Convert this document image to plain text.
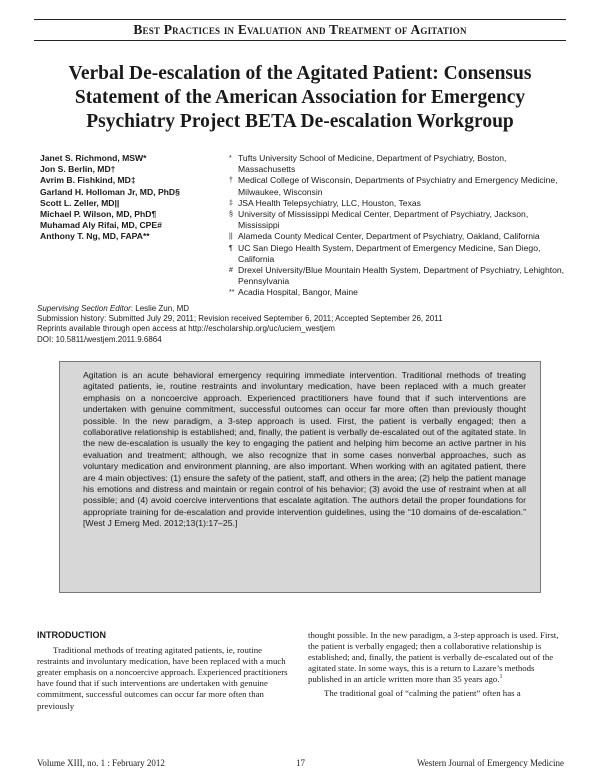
Best Practices in Evaluation and Treatment of Agitation
Verbal De-escalation of the Agitated Patient: Consensus Statement of the American Association for Emergency Psychiatry Project BETA De-escalation Workgroup
Janet S. Richmond, MSW*
Jon S. Berlin, MD†
Avrim B. Fishkind, MD‡
Garland H. Holloman Jr, MD, PhD§
Scott L. Zeller, MD||
Michael P. Wilson, MD, PhD¶
Muhamad Aly Rifai, MD, CPE#
Anthony T. Ng, MD, FAPA**
* Tufts University School of Medicine, Department of Psychiatry, Boston, Massachusetts
† Medical College of Wisconsin, Departments of Psychiatry and Emergency Medicine, Milwaukee, Wisconsin
‡ JSA Health Telepsychiatry, LLC, Houston, Texas
§ University of Mississippi Medical Center, Department of Psychiatry, Jackson, Mississippi
|| Alameda County Medical Center, Department of Psychiatry, Oakland, California
¶ UC San Diego Health System, Department of Emergency Medicine, San Diego, California
# Drexel University/Blue Mountain Health System, Department of Psychiatry, Lehighton, Pennsylvania
** Acadia Hospital, Bangor, Maine
Supervising Section Editor: Leslie Zun, MD
Submission history: Submitted July 29, 2011; Revision received September 6, 2011; Accepted September 26, 2011
Reprints available through open access at http://escholarship.org/uc/uciem_westjem
DOI: 10.5811/westjem.2011.9.6864
Agitation is an acute behavioral emergency requiring immediate intervention. Traditional methods of treating agitated patients, ie, routine restraints and involuntary medication, have been replaced with a much greater emphasis on a noncoercive approach. Experienced practitioners have found that if such interventions are undertaken with genuine commitment, successful outcomes can occur far more often than previously thought possible. In the new paradigm, a 3-step approach is used. First, the patient is verbally engaged; then a collaborative relationship is established; and, finally, the patient is verbally de-escalated out of the agitated state. In the new de-escalation is usually the key to engaging the patient and helping him become an active partner in his evaluation and treatment; although, we also recognize that in some cases nonverbal approaches, such as voluntary medication and environment planning, are also important. When working with an agitated patient, there are 4 main objectives: (1) ensure the safety of the patient, staff, and others in the area; (2) help the patient manage his emotions and distress and maintain or regain control of his behavior; (3) avoid the use of restraint when at all possible; and (4) avoid coercive interventions that escalate agitation. The authors detail the proper foundations for appropriate training for de-escalation and provide intervention guidelines, using the “10 domains of de-escalation.” [West J Emerg Med. 2012;13(1):17–25.]
INTRODUCTION
Traditional methods of treating agitated patients, ie, routine restraints and involuntary medication, have been replaced with a much greater emphasis on a noncoercive approach. Experienced practitioners have found that if such interventions are undertaken with genuine commitment, successful outcomes can occur far more often than previously
thought possible. In the new paradigm, a 3-step approach is used. First, the patient is verbally engaged; then a collaborative relationship is established; and, finally, the patient is verbally de-escalated out of the agitated state. In some ways, this is a return to Lazare’s methods published in an article written more than 35 years ago.$^1$
The traditional goal of “calming the patient” often has a
Volume XIII, no. 1 : February 2012	17	Western Journal of Emergency Medicine
